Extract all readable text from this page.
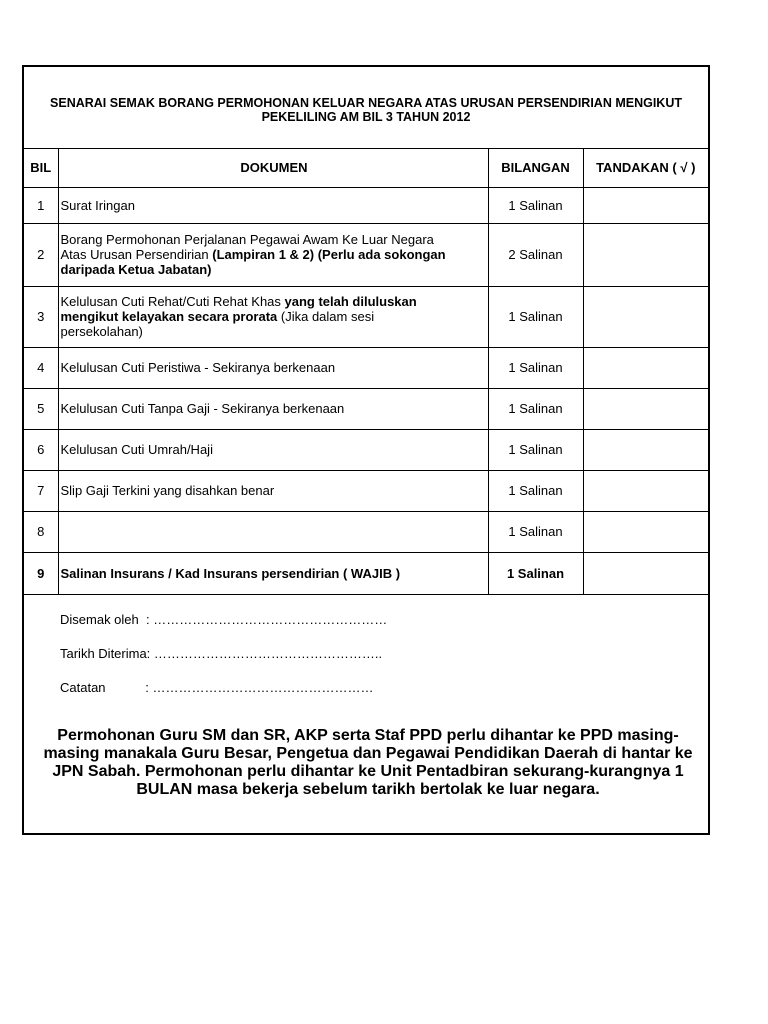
SENARAI SEMAK BORANG PERMOHONAN KELUAR NEGARA ATAS URUSAN PERSENDIRIAN MENGIKUT
PEKELILING AM BIL 3 TAHUN 2012
BIL	DOKUMEN	BILANGAN	TANDAKAN ( √ )
1	Surat Iringan	1 Salinan	
2	Borang Permohonan Perjalanan Pegawai Awam Ke Luar Negara
Atas Urusan Persendirian (Lampiran 1 & 2) (Perlu ada sokongan
daripada Ketua Jabatan)	2 Salinan	
3	Kelulusan Cuti Rehat/Cuti Rehat Khas yang telah diluluskan
mengikut kelayakan secara prorata (Jika dalam sesi
persekolahan)	1 Salinan	
4	Kelulusan Cuti Peristiwa - Sekiranya berkenaan	1 Salinan	
5	Kelulusan Cuti Tanpa Gaji - Sekiranya berkenaan	1 Salinan	
6	Kelulusan Cuti Umrah/Haji	1 Salinan	
7	Slip Gaji Terkini yang disahkan benar	1 Salinan	
8		1 Salinan	
9	Salinan Insurans / Kad Insurans persendirian ( WAJIB )	1 Salinan	
Disemak oleh  : ………………………………………………
Tarikh Diterima: ……………………………………………..
Catatan           : ……………………………………………
Permohonan Guru SM dan SR, AKP serta Staf PPD perlu dihantar ke PPD masing-
masing manakala Guru Besar, Pengetua dan Pegawai Pendidikan Daerah di hantar ke
JPN Sabah. Permohonan perlu dihantar ke Unit Pentadbiran sekurang-kurangnya 1
BULAN masa bekerja sebelum tarikh bertolak ke luar negara.
